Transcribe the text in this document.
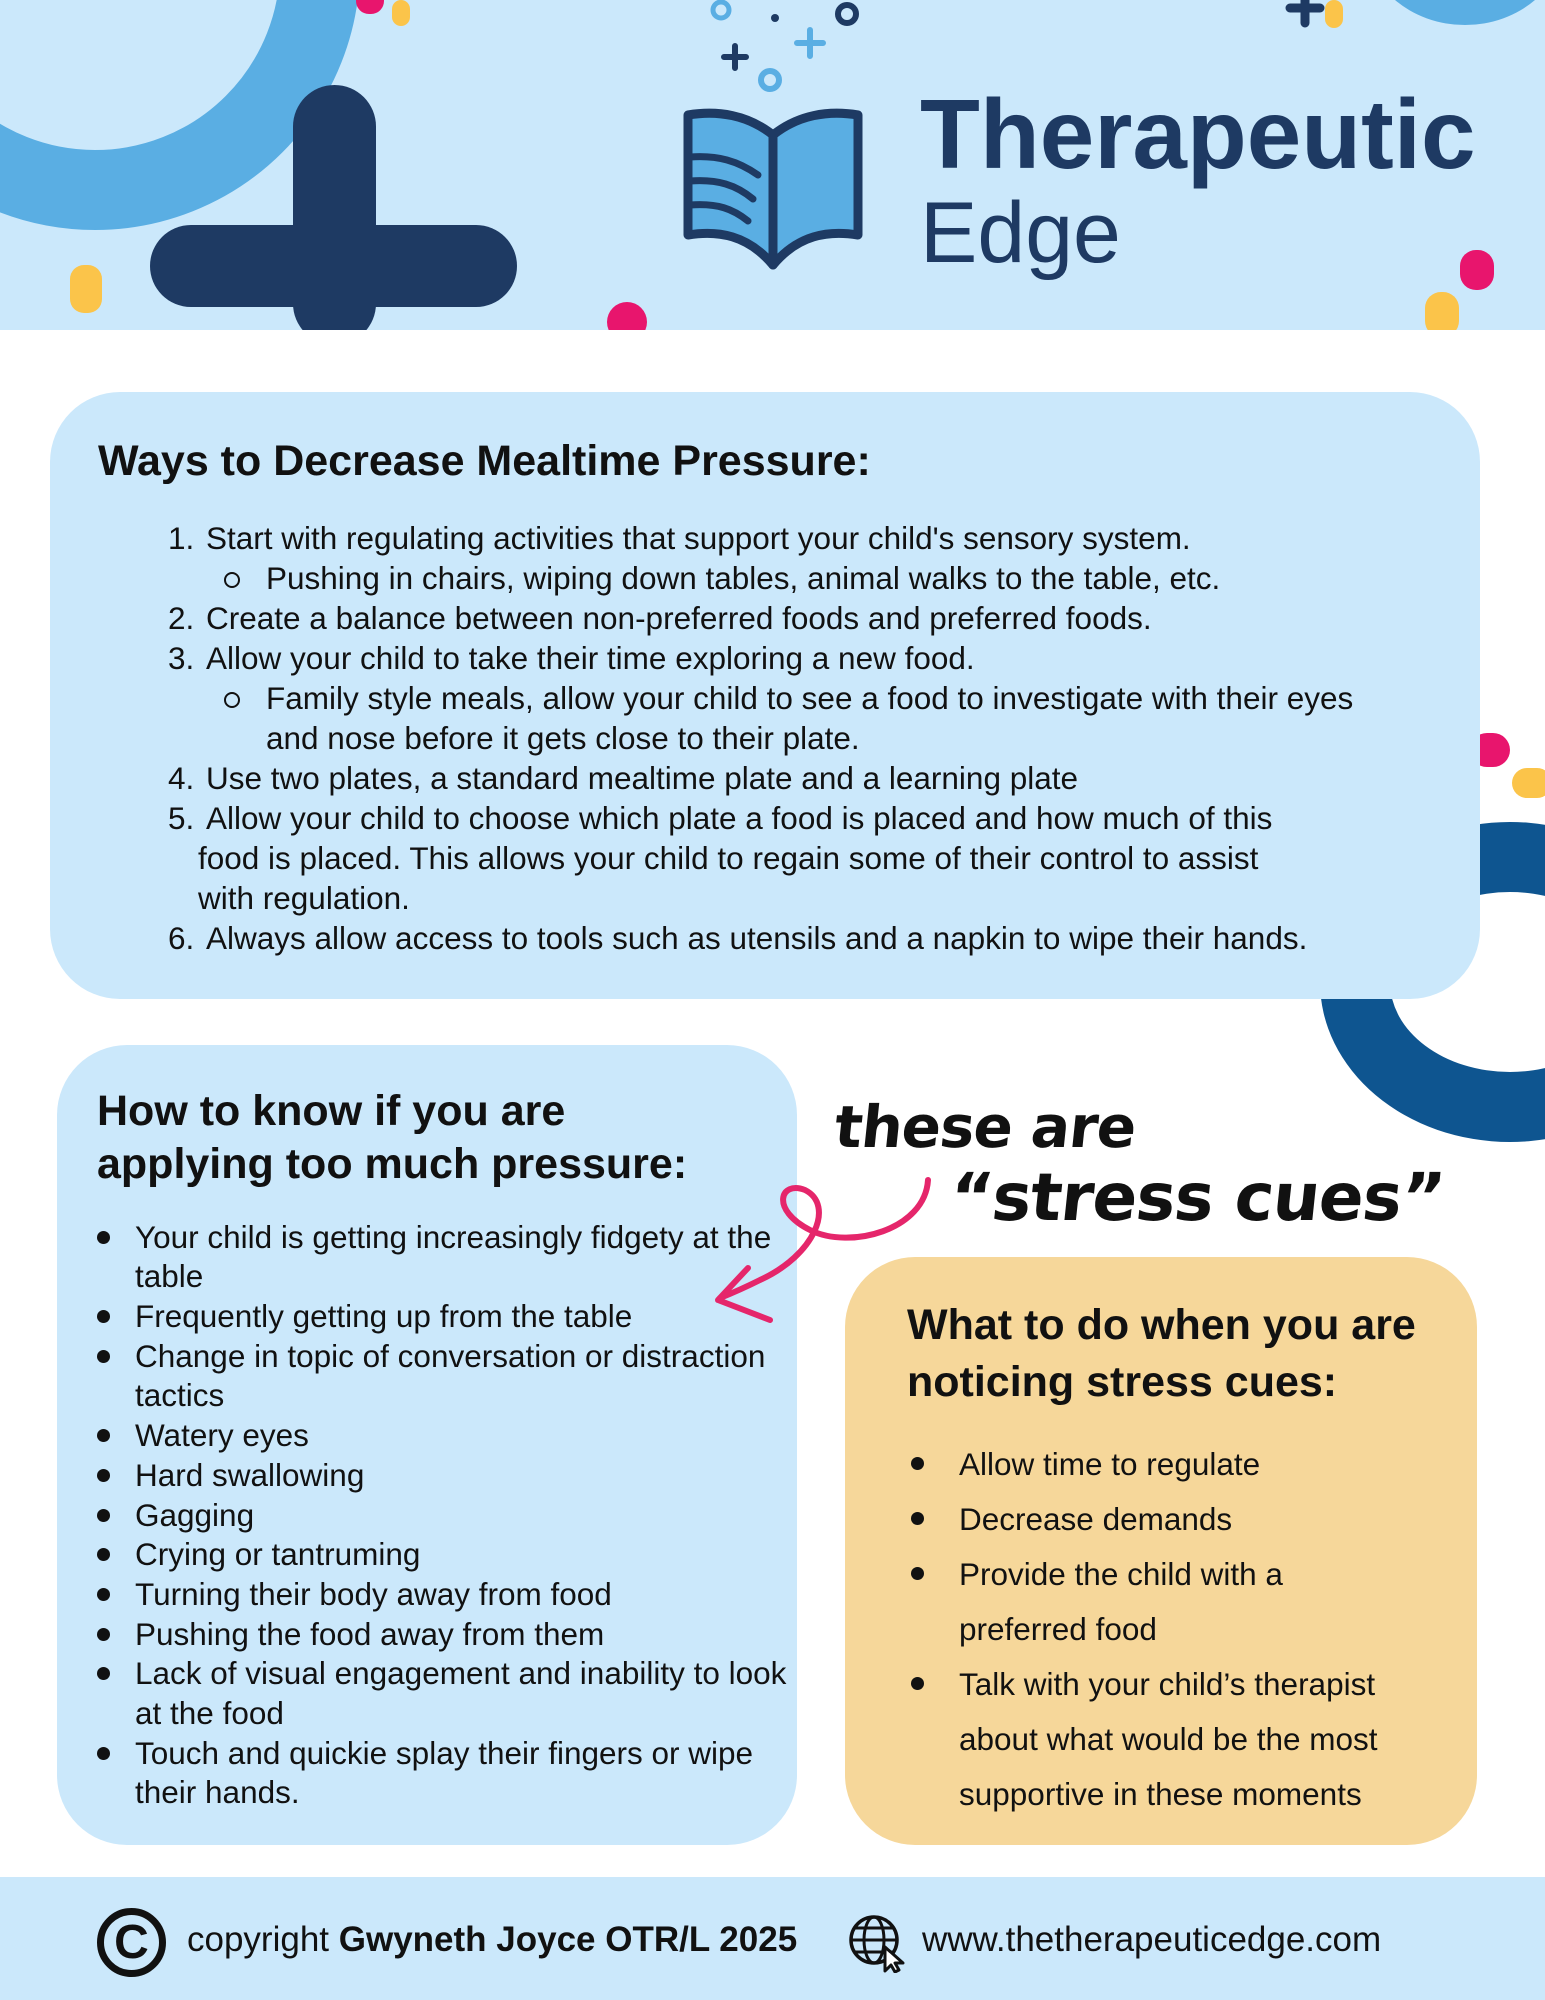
Therapeutic
Edge
Ways to Decrease Mealtime Pressure:
1. Start with regulating activities that support your child's sensory system.
Pushing in chairs, wiping down tables, animal walks to the table, etc.
2. Create a balance between non-preferred foods and preferred foods.
3. Allow your child to take their time exploring a new food.
Family style meals, allow your child to see a food to investigate with their eyes and nose before it gets close to their plate.
4. Use two plates, a standard mealtime plate and a learning plate
5. Allow your child to choose which plate a food is placed and how much of this food is placed. This allows your child to regain some of their control to assist with regulation.
6. Always allow access to tools such as utensils and a napkin to wipe their hands.
How to know if you are applying too much pressure:
Your child is getting increasingly fidgety at the table
Frequently getting up from the table
Change in topic of conversation or distraction tactics
Watery eyes
Hard swallowing
Gagging
Crying or tantruming
Turning their body away from food
Pushing the food away from them
Lack of visual engagement and inability to look at the food
Touch and quickie splay their fingers or wipe their hands.
these are
“stress cues”
What to do when you are noticing stress cues:
Allow time to regulate
Decrease demands
Provide the child with a preferred food
Talk with your child’s therapist about what would be the most supportive in these moments
C	copyright Gwyneth Joyce OTR/L 2025	www.thetherapeuticedge.com
